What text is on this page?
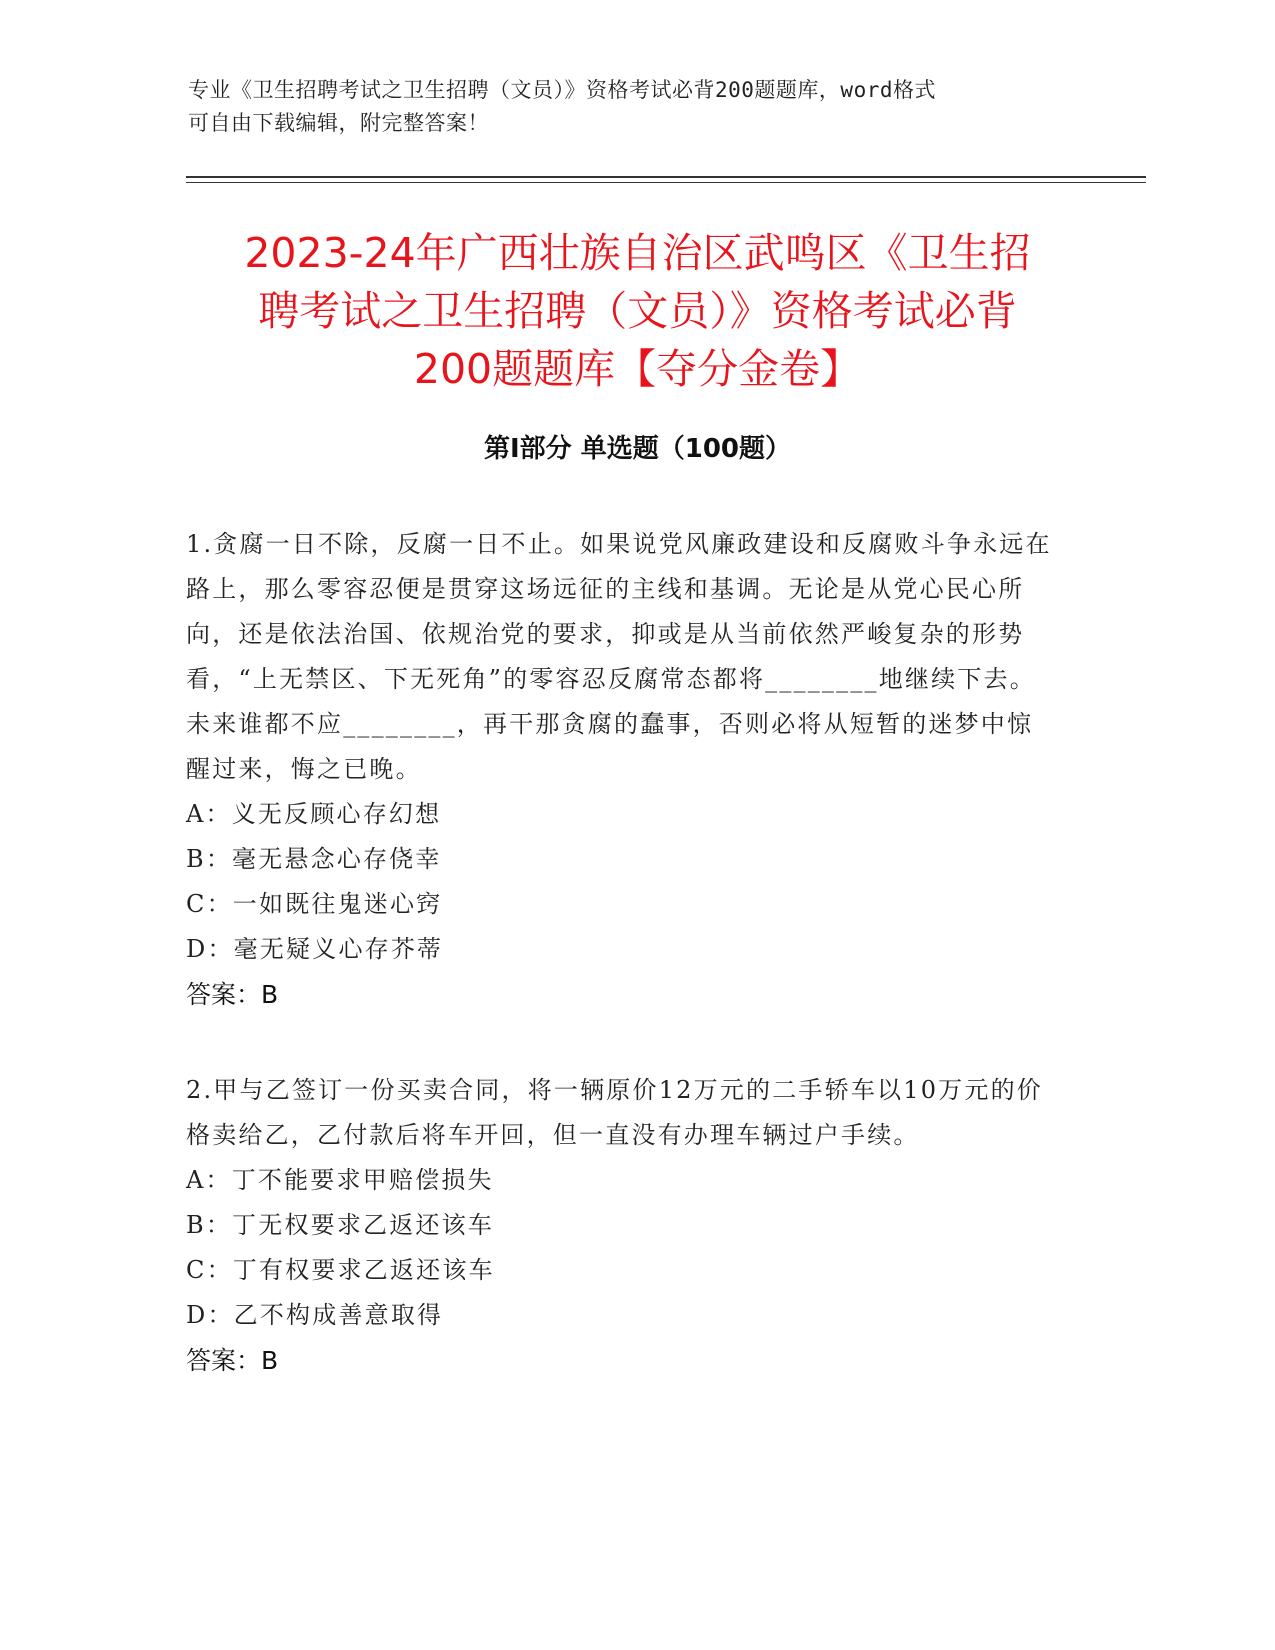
专业《卫生招聘考试之卫生招聘（文员）》资格考试必背200题题库，word格式
可自由下载编辑，附完整答案！
2023-24年广西壮族自治区武鸣区《卫生招
聘考试之卫生招聘（文员）》资格考试必背
200题题库【夺分金卷】
第I部分 单选题（100题）

1.贪腐一日不除，反腐一日不止。如果说党风廉政建设和反腐败斗争永远在路上，那么零容忍便是贯穿这场远征的主线和基调。无论是从党心民心所向，还是依法治国、依规治党的要求，抑或是从当前依然严峻复杂的形势看，“上无禁区、下无死角”的零容忍反腐常态都将________地继续下去。未来谁都不应________，再干那贪腐的蠢事，否则必将从短暂的迷梦中惊醒过来，悔之已晚。

A：义无反顾心存幻想

B：毫无悬念心存侥幸

C：一如既往鬼迷心窍

D：毫无疑义心存芥蒂

答案：B

2.甲与乙签订一份买卖合同，将一辆原价12万元的二手轿车以10万元的价格卖给乙，乙付款后将车开回，但一直没有办理车辆过户手续。

A：丁不能要求甲赔偿损失

B：丁无权要求乙返还该车

C：丁有权要求乙返还该车

D：乙不构成善意取得

答案：B
